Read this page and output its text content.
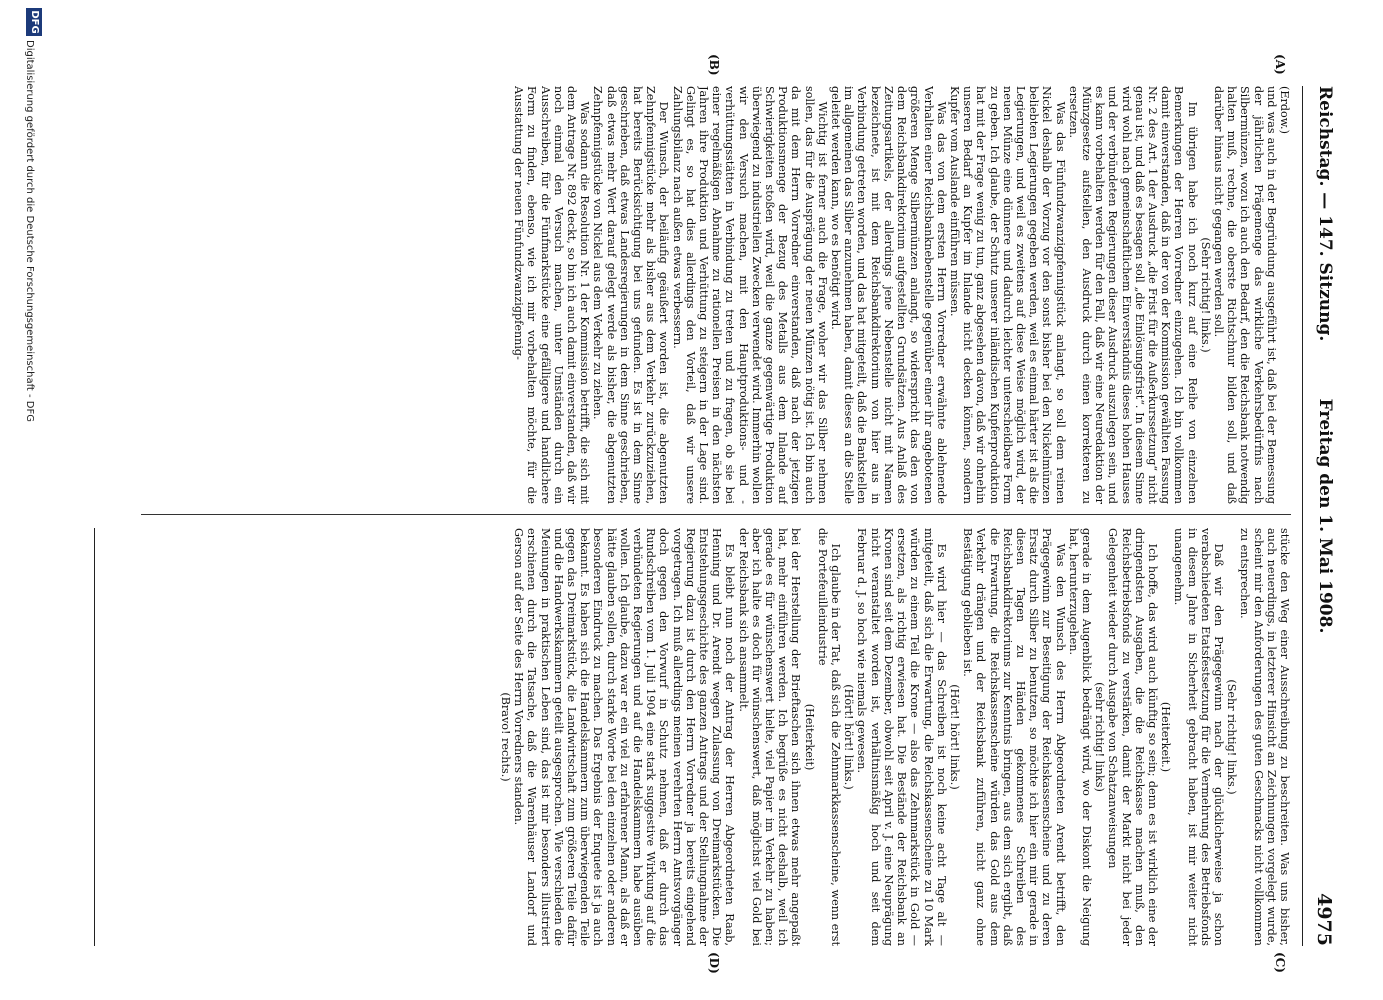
Reichstag. — 147. Sitzung.
Freitag den 1. Mai 1908.
4975
(A)
(B)
(C)
(D)

(Erdow.)

und was auch in der Begründung ausgeführt ist, daß bei der Bemessung der jährlichen Prägemenge das wirkliche Verkehrsbedürfnis nach Silbermünzen, wozu ich auch den Bedarf, den die Reichsbank notwendig halten muß, rechne, die oberste Richtschnur bilden soll, und daß darüber hinaus nicht gegangen werden soll.

(Sehr richtig! links.)

Im übrigen habe ich noch kurz auf eine Reihe von einzelnen Bemerkungen der Herren Vorredner einzugehen. Ich bin vollkommen damit einverstanden, daß in der von der Kommission gewählten Fassung Nr. 2 des Art. 1 der Ausdruck „die Frist für die Außerkurssetzung“ nicht genau ist, und daß es besagen soll „die Einlösungsfrist“. In diesem Sinne wird wohl nach gemeinschaftlichem Einverständnis dieses hohen Hauses und der verbündeten Regierungen dieser Ausdruck auszulegen sein, und es kann vorbehalten werden für den Fall, daß wir eine Neuredaktion der Münzgesetze aufstellen, den Ausdruck durch einen korrekteren zu ersetzen.

Was das Fünfundzwanzigpfennigstück anlangt, so soll dem reinen Nickel deshalb der Vorzug vor den sonst bisher bei den Nickelmünzen beliebten Legierungen gegeben werden, weil es einmal härter ist als die Legierungen, und weil es zweitens auf diese Weise möglich wird, der neuen Münze eine dünnere und dadurch leichter unterscheidbare Form zu geben. Ich glaube, der Schutz unserer inländischen Kupferproduktion hat mit der Frage wenig zu tun, ganz abgesehen davon, daß wir ohnehin unseren Bedarf an Kupfer im Inlande nicht decken können, sondern Kupfer vom Auslande einführen müssen.

Was das von dem ersten Herrn Vorredner erwähnte ablehnende Verhalten einer Reichsbanknebenstelle gegenüber einer ihr angebotenen größeren Menge Silbermünzen anlangt, so widerspricht das den von dem Reichsbankdirektorium aufgestellten Grundsätzen. Aus Anlaß des Zeitungsartikels, der allerdings jene Nebenstelle nicht mit Namen bezeichnete, ist mit dem Reichsbankdirektorium von hier aus in Verbindung getreten worden, und das hat mitgeteilt, daß die Bankstellen im allgemeinen das Silber anzunehmen haben, damit dieses an die Stelle geleitet werden kann, wo es benötigt wird.

Wichtig ist ferner auch die Frage, woher wir das Silber nehmen sollen, das für die Ausprägung der neuen Münzen nötig ist. Ich bin auch da mit dem Herrn Vorredner einverstanden, daß nach der jetzigen Produktionsmenge der Bezug des Metalls aus dem Inlande auf Schwierigkeiten stoßen wird, weil die ganze gegenwärtige Produktion überwiegend zu industriellen Zwecken verwendet wird. Immerhin wollen wir den Versuch machen, mit den Hauptproduktions- und -verhüttungsstätten in Verbindung zu treten und zu fragen, ob sie bei einer regelmäßigen Abnahme zu rationellen Preisen in den nächsten Jahren ihre Produktion und Verhüttung zu steigern in der Lage sind. Gelingt es, so hat dies allerdings den Vorteil, daß wir unsere Zahlungsbilanz nach außen etwas verbessern.

Der Wunsch, der beiläufig geäußert worden ist, die abgenutzten Zehnpfennigstücke mehr als bisher aus dem Verkehr zurückzuziehen, hat bereits Berücksichtigung bei uns gefunden. Es ist in dem Sinne geschrieben, daß etwas Landesregierungen in dem Sinne geschrieben, daß etwas mehr Wert darauf gelegt werde als bisher, die abgenutzten Zehnpfennigstücke von Nickel aus dem Verkehr zu ziehen.

Was sodann die Resolution Nr. 1 der Kommission betrifft, die sich mit dem Antrage Nr. 892 deckt, so bin ich auch damit einverstanden, daß wir noch einmal den Versuch machen, unter Umständen durch ein Ausschreiben, für die Fünfmarkstücke eine gefälligere und handlichere Form zu finden, ebenso, wie ich mir vorbehalten möchte, für die Ausstattung der neuen Fünfundzwanzigpfennig-

stücke den Weg einer Ausschreibung zu beschreiten. Was uns bisher, auch neuerdings, in letzterer Hinsicht an Zeichnungen vorgelegt wurde, scheint mir den Anforderungen des guten Geschmacks nicht vollkommen zu entsprechen.

(Sehr richtig! links.)

Daß wir den Prägegewinn nach der glücklicherweise ja schon verabschiedeten Etatsfestsetzung für die Vermehrung des Betriebsfonds in diesem Jahre in Sicherheit gebracht haben, ist mir weiter nicht unangenehm.

(Heiterkeit.)

Ich hoffe, das wird auch künftig so sein; denn es ist wirklich eine der dringendsten Ausgaben, die die Reichskasse machen muß, den Reichsbetriebsfonds zu verstärken, damit der Markt nicht bei jeder Gelegenheit wieder durch Ausgabe von Schatzanweisungen

(sehr richtig! links)

gerade in dem Augenblick bedrängt wird, wo der Diskont die Neigung hat, herunterzugehen.

Was den Wunsch des Herrn Abgeordneten Arendt betrifft, den Prägegewinn zur Beseitigung der Reichskassenscheine und zu deren Ersatz durch Silber zu benutzen, so möchte ich hier ein mir gerade in diesen Tagen zu Händen gekommenes Schreiben des Reichsbankdirektoriums zur Kenntnis bringen, aus dem sich ergibt, daß die Erwartung, die Reichskassenscheine würden das Gold aus dem Verkehr drängen und der Reichsbank zuführen, nicht ganz ohne Bestätigung geblieben ist.

(Hört! hört! links.)

Es wird hier — das Schreiben ist noch keine acht Tage alt — mitgeteilt, daß sich die Erwartung, die Reichskassenscheine zu 10 Mark würden zu einem Teil die Krone — also das Zehnmarkstück in Gold — ersetzen, als richtig erwiesen hat. Die Bestände der Reichsbank an Kronen sind seit dem Dezember, obwohl seit April v. J. eine Neuprägung nicht veranstaltet worden ist, verhältnismäßig hoch und seit dem Februar d. J. so hoch wie niemals gewesen.

(Hört! hört! links.)

Ich glaube in der Tat, daß sich die Zehnmarkkassenscheine, wenn erst die Portefeuilleindustrie

(Heiterkeit)

bei der Herstellung der Brieftaschen sich ihnen etwas mehr angepaßt hat, mehr einführen werden. Ich begrüße es nicht deshalb, weil ich gerade es für wünschenswert hielte, viel Papier im Verkehr zu haben; aber ich halte es doch für wünschenswert, daß möglichst viel Gold bei der Reichsbank sich ansammelt.

Es bleibt nun noch der Antrag der Herren Abgeordneten Raab, Henning und Dr. Arendt wegen Zulassung von Dreimarkstücken. Die Entstehungsgeschichte des ganzen Antrags und der Stellungnahme der Regierung dazu ist durch den Herrn Vorredner ja bereits eingehend vorgetragen. Ich muß allerdings meinen verehrten Herrn Amtsvorgänger doch gegen den Vorwurf in Schutz nehmen, daß er durch das Rundschreiben vom 1. Juli 1904 eine stark suggestive Wirkung auf die verbündeten Regierungen und auf die Handelskammern habe ausüben wollen. Ich glaube, dazu war er ein viel zu erfahrener Mann, als daß er hätte glauben sollen, durch starke Worte bei den einzelnen oder anderen besonderen Eindruck zu machen. Das Ergebnis der Enquete ist ja auch bekannt. Es haben sich die Handelskammern zum überwiegenden Teile gegen das Dreimarkstück, die Landwirtschaft zum größeren Teile dafür und die Handwerkskammern geteilt ausgesprochen. Wie verschieden die Meinungen in praktischen Leben sind, das ist mir besonders illustriert erschienen durch die Tatsache, daß die Warenhäuser Landorf und Gerson auf der Seite des Herrn Vorredners standen.

(Bravo! rechts.)

DFG
Digitalisierung gefördert durch die Deutsche Forschungsgemeinschaft - DFG
